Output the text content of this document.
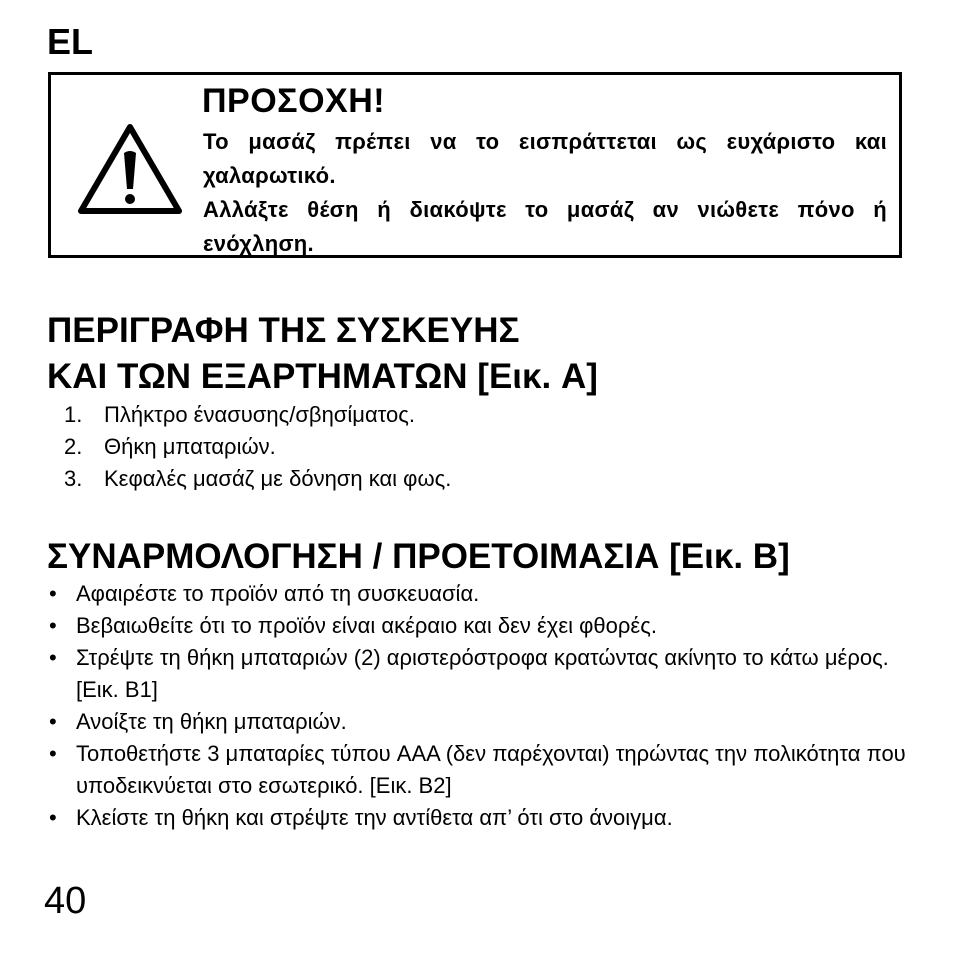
EL
ΠΡΟΣΟΧΗ!

Το μασάζ πρέπει να το εισπράττεται ως ευχάριστο και χαλαρωτικό.

Αλλάξτε θέση ή διακόψτε το μασάζ αν νιώθετε πόνο ή ενόχληση.

ΠΕΡΙΓΡΑΦΗ ΤΗΣ ΣΥΣΚΕΥΗΣ
ΚΑΙ ΤΩΝ ΕΞΑΡΤΗΜΑΤΩΝ [Εικ. A]
1. Πλήκτρο ένασυσης/σβησίματος.
2. Θήκη μπαταριών.
3. Κεφαλές μασάζ με δόνηση και φως.
ΣΥΝΑΡΜΟΛΟΓΗΣΗ / ΠΡΟΕΤΟΙΜΑΣΙΑ [Εικ. B]
• Αφαιρέστε το προϊόν από τη συσκευασία.
• Βεβαιωθείτε ότι το προϊόν είναι ακέραιο και δεν έχει φθορές.
• Στρέψτε τη θήκη μπαταριών (2) αριστερόστροφα κρατώντας ακίνητο το κάτω μέρος. [Εικ. B1]
• Ανοίξτε τη θήκη μπαταριών.
• Τοποθετήστε 3 μπαταρίες τύπου AAA (δεν παρέχονται) τηρώντας την πολικότητα που υποδεικνύεται στο εσωτερικό. [Εικ. B2]
• Κλείστε τη θήκη και στρέψτε την αντίθετα απ’ ότι στο άνοιγμα.
40
